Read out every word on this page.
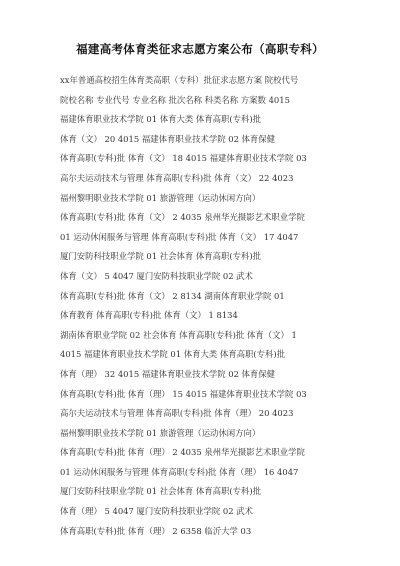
福建高考体育类征求志愿方案公布（高职专科）
xx年普通高校招生体育类高职（专科）批征求志愿方案 院校代号
院校名称 专业代号 专业名称 批次名称 科类名称 方案数 4015
福建体育职业技术学院 01 体育大类 体育高职(专科)批
体育（文） 20 4015 福建体育职业技术学院 02 体育保健
体育高职(专科)批 体育（文） 18 4015 福建体育职业技术学院 03
高尔夫运动技术与管理 体育高职(专科)批 体育（文） 22 4023
福州黎明职业技术学院 01 旅游管理（运动休闲方向）
体育高职(专科)批 体育（文） 2 4035 泉州华光摄影艺术职业学院
01 运动休闲服务与管理 体育高职(专科)批 体育（文） 17 4047
厦门安防科技职业学院 01 社会体育 体育高职(专科)批
体育（文） 5 4047 厦门安防科技职业学院 02 武术
体育高职(专科)批 体育（文） 2 8134 湖南体育职业学院 01
体育教育 体育高职(专科)批 体育（文） 1 8134
湖南体育职业学院 02 社会体育 体育高职(专科)批 体育（文） 1
4015 福建体育职业技术学院 01 体育大类 体育高职(专科)批
体育（理） 32 4015 福建体育职业技术学院 02 体育保健
体育高职(专科)批 体育（理） 15 4015 福建体育职业技术学院 03
高尔夫运动技术与管理 体育高职(专科)批 体育（理） 20 4023
福州黎明职业技术学院 01 旅游管理（运动休闲方向）
体育高职(专科)批 体育（理） 2 4035 泉州华光摄影艺术职业学院
01 运动休闲服务与管理 体育高职(专科)批 体育（理） 16 4047
厦门安防科技职业学院 01 社会体育 体育高职(专科)批
体育（理） 5 4047 厦门安防科技职业学院 02 武术
体育高职(专科)批 体育（理） 2 6358 临沂大学 03
